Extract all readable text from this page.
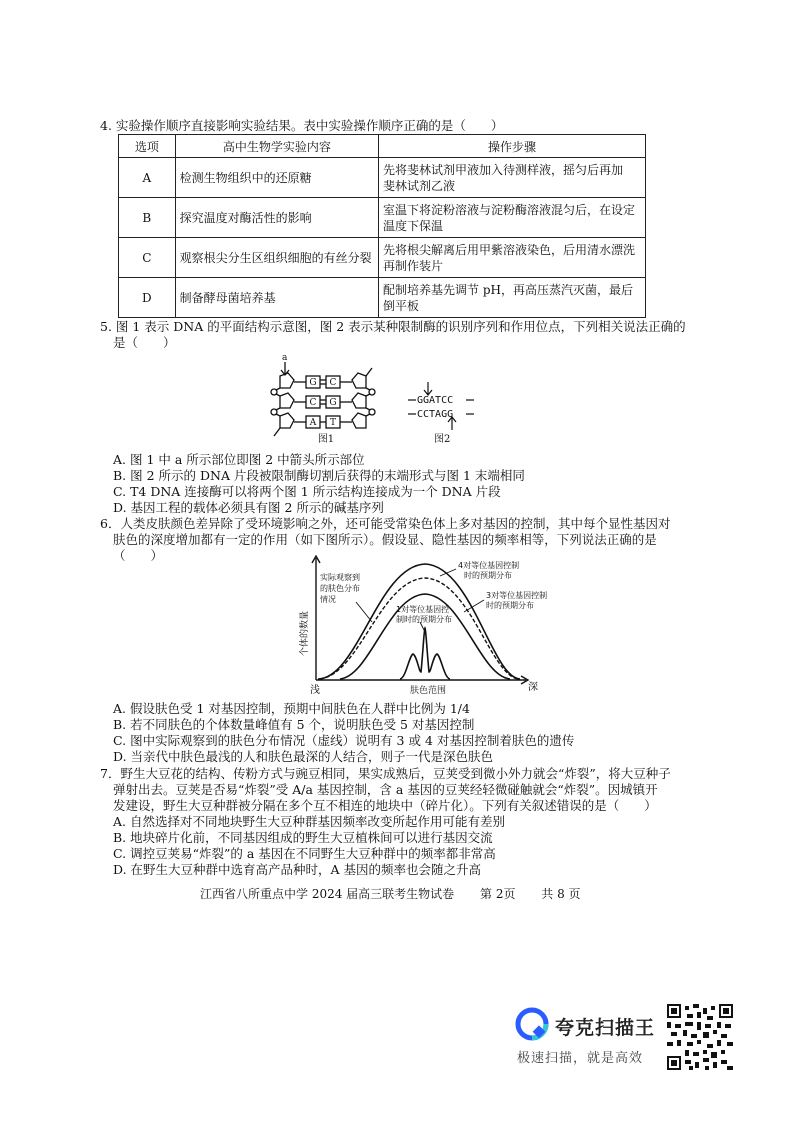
4. 实验操作顺序直接影响实验结果。表中实验操作顺序正确的是（　　）
选项	高中生物学实验内容	操作步骤
A	检测生物组织中的还原糖	先将斐林试剂甲液加入待测样液，摇匀后再加
斐林试剂乙液

B	探究温度对酶活性的影响	室温下将淀粉溶液与淀粉酶溶液混匀后，在设定
温度下保温

C	观察根尖分生区组织细胞的有丝分裂	先将根尖解离后用甲紫溶液染色，后用清水漂洗
再制作装片

D	制备酵母菌培养基	配制培养基先调节 pH，再高压蒸汽灭菌，最后
倒平板
5. 图 1 表示 DNA 的平面结构示意图，图 2 表示某种限制酶的识别序列和作用位点，下列相关说法正确的
是（　　）
a
G C
C G
A T
图1
GGATCC
CCTAGG
图2
A. 图 1 中 a 所示部位即图 2 中箭头所示部位
B. 图 2 所示的 DNA 片段被限制酶切割后获得的末端形式与图 1 末端相同
C. T4 DNA 连接酶可以将两个图 1 所示结构连接成为一个 DNA 片段
D. 基因工程的载体必须具有图 2 所示的碱基序列
6．人类皮肤颜色差异除了受环境影响之外，还可能受常染色体上多对基因的控制，其中每个显性基因对
肤色的深度增加都有一定的作用（如下图所示）。假设显、隐性基因的频率相等，下列说法正确的是
（　　）
实际观察到
的肤色分布
情况
4对等位基因控制
时的预期分布
3对等位基因控制
时的预期分布
1对等位基因控
制时的预期分布
肤色范围
浅	深
个体的数量
A. 假设肤色受 1 对基因控制，预期中间肤色在人群中比例为 1/4
B. 若不同肤色的个体数量峰值有 5 个，说明肤色受 5 对基因控制
C. 图中实际观察到的肤色分布情况（虚线）说明有 3 或 4 对基因控制着肤色的遗传
D. 当亲代中肤色最浅的人和肤色最深的人结合，则子一代是深色肤色
7．野生大豆花的结构、传粉方式与豌豆相同，果实成熟后，豆荚受到微小外力就会“炸裂”，将大豆种子
弹射出去。豆荚是否易“炸裂”受 A/a 基因控制，含 a 基因的豆荚经轻微碰触就会“炸裂”。因城镇开
发建设，野生大豆种群被分隔在多个互不相连的地块中（碎片化）。下列有关叙述错误的是（　　）
A. 自然选择对不同地块野生大豆种群基因频率改变所起作用可能有差别
B. 地块碎片化前，不同基因组成的野生大豆植株间可以进行基因交流
C. 调控豆荚易“炸裂”的 a 基因在不同野生大豆种群中的频率都非常高
D. 在野生大豆种群中选育高产品种时，A 基因的频率也会随之升高
江西省八所重点中学 2024 届高三联考生物试卷 第 2页 共 8 页
夸克扫描王
极速扫描，就是高效
